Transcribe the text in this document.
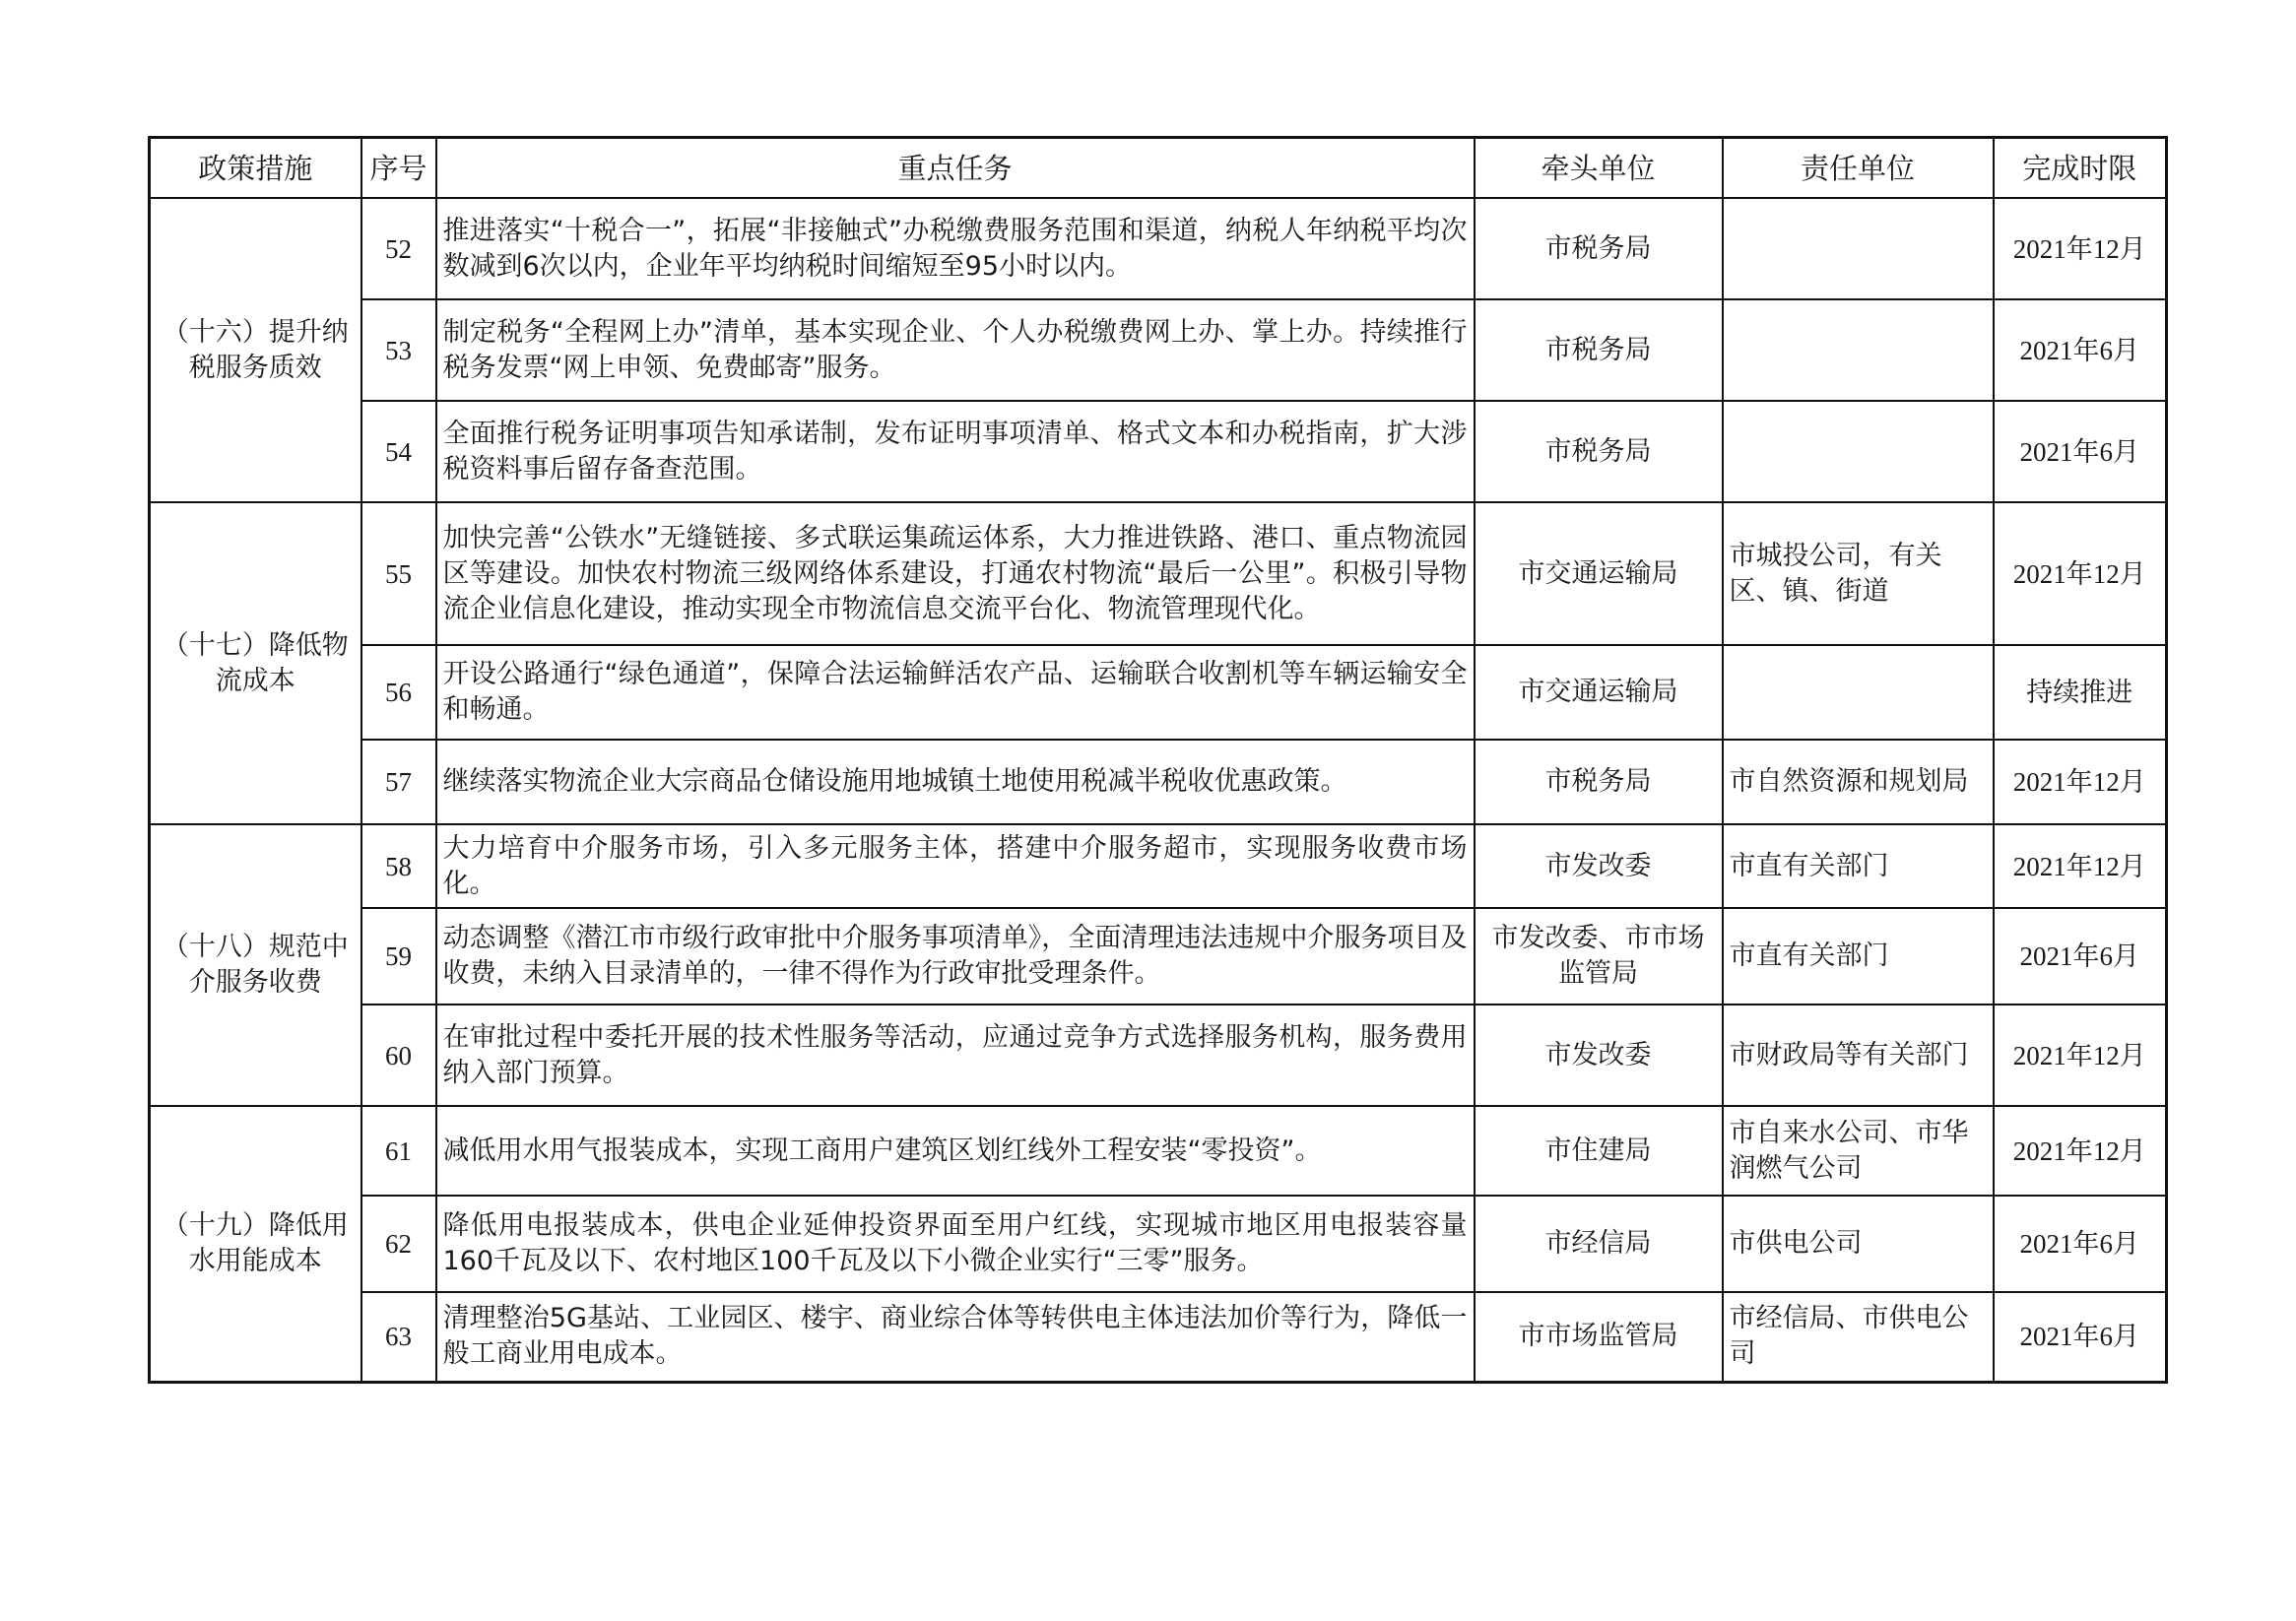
政策措施	序号	重点任务	牵头单位	责任单位	完成时限
（十六）提升纳税服务质效	52	推进落实“十税合一”，拓展“非接触式”办税缴费服务范围和渠道，纳税人年纳税平均次数减到6次以内，企业年平均纳税时间缩短至95小时以内。	市税务局		2021年12月
	53	制定税务“全程网上办”清单，基本实现企业、个人办税缴费网上办、掌上办。持续推行税务发票“网上申领、免费邮寄”服务。	市税务局		2021年6月
	54	全面推行税务证明事项告知承诺制，发布证明事项清单、格式文本和办税指南，扩大涉税资料事后留存备查范围。	市税务局		2021年6月
（十七）降低物流成本	55	加快完善“公铁水”无缝链接、多式联运集疏运体系，大力推进铁路、港口、重点物流园区等建设。加快农村物流三级网络体系建设，打通农村物流“最后一公里”。积极引导物流企业信息化建设，推动实现全市物流信息交流平台化、物流管理现代化。	市交通运输局	市城投公司，有关区、镇、街道	2021年12月
	56	开设公路通行“绿色通道”，保障合法运输鲜活农产品、运输联合收割机等车辆运输安全和畅通。	市交通运输局		持续推进
	57	继续落实物流企业大宗商品仓储设施用地城镇土地使用税减半税收优惠政策。	市税务局	市自然资源和规划局	2021年12月
（十八）规范中介服务收费	58	大力培育中介服务市场，引入多元服务主体，搭建中介服务超市，实现服务收费市场化。	市发改委	市直有关部门	2021年12月
	59	动态调整《潜江市市级行政审批中介服务事项清单》，全面清理违法违规中介服务项目及收费，未纳入目录清单的，一律不得作为行政审批受理条件。	市发改委、市市场监管局	市直有关部门	2021年6月
	60	在审批过程中委托开展的技术性服务等活动，应通过竞争方式选择服务机构，服务费用纳入部门预算。	市发改委	市财政局等有关部门	2021年12月
（十九）降低用水用能成本	61	减低用水用气报装成本，实现工商用户建筑区划红线外工程安装“零投资”。	市住建局	市自来水公司、市华润燃气公司	2021年12月
	62	降低用电报装成本，供电企业延伸投资界面至用户红线，实现城市地区用电报装容量160千瓦及以下、农村地区100千瓦及以下小微企业实行“三零”服务。	市经信局	市供电公司	2021年6月
	63	清理整治5G基站、工业园区、楼宇、商业综合体等转供电主体违法加价等行为，降低一般工商业用电成本。	市市场监管局	市经信局、市供电公司	2021年6月
